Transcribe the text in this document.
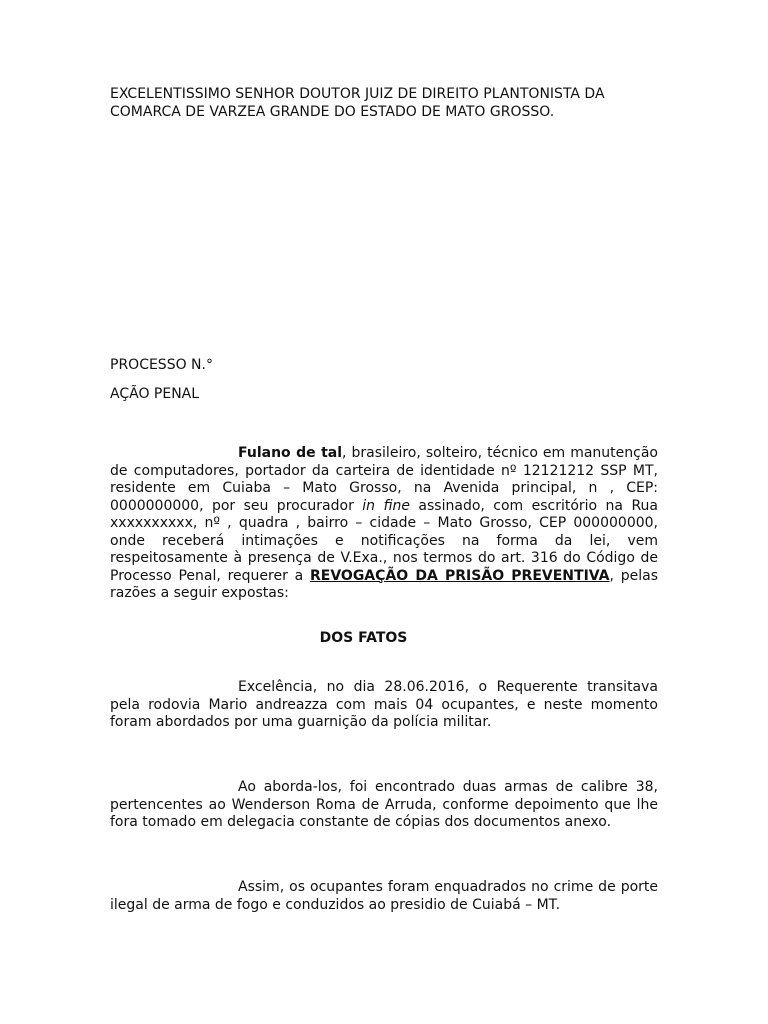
EXCELENTISSIMO SENHOR DOUTOR JUIZ DE DIREITO PLANTONISTA DA
COMARCA DE VARZEA GRANDE DO ESTADO DE MATO GROSSO.
PROCESSO N.°
AÇÃO PENAL

Fulano de tal, brasileiro, solteiro, técnico em manutenção de computadores, portador da carteira de identidade nº 12121212 SSP MT, residente em Cuiaba – Mato Grosso, na Avenida principal, n , CEP: 0000000000, por seu procurador in fine assinado, com escritório na Rua xxxxxxxxxx, nº , quadra , bairro – cidade – Mato Grosso, CEP 000000000, onde receberá intimações e notificações na forma da lei, vem respeitosamente à presença de V.Exa., nos termos do art. 316 do Código de Processo Penal, requerer a REVOGAÇÃO DA PRISÃO PREVENTIVA, pelas razões a seguir expostas:

DOS FATOS

Excelência, no dia 28.06.2016, o Requerente transitava pela rodovia Mario andreazza com mais 04 ocupantes, e neste momento foram abordados por uma guarnição da polícia militar.

Ao aborda-los, foi encontrado duas armas de calibre 38, pertencentes ao Wenderson Roma de Arruda, conforme depoimento que lhe fora tomado em delegacia constante de cópias dos documentos anexo.

Assim, os ocupantes foram enquadrados no crime de porte ilegal de arma de fogo e conduzidos ao presidio de Cuiabá – MT.
